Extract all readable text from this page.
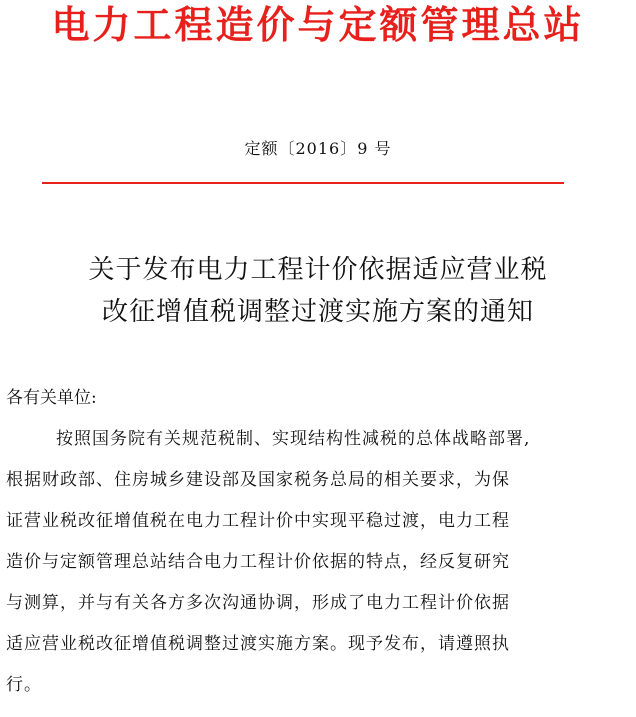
电力工程造价与定额管理总站
定额〔2016〕9 号
关于发布电力工程计价依据适应营业税
改征增值税调整过渡实施方案的通知
各有关单位:
按照国务院有关规范税制、实现结构性减税的总体战略部署,
根据财政部、住房城乡建设部及国家税务总局的相关要求，为保
证营业税改征增值税在电力工程计价中实现平稳过渡，电力工程
造价与定额管理总站结合电力工程计价依据的特点，经反复研究
与测算，并与有关各方多次沟通协调，形成了电力工程计价依据
适应营业税改征增值税调整过渡实施方案。现予发布，请遵照执
行。
